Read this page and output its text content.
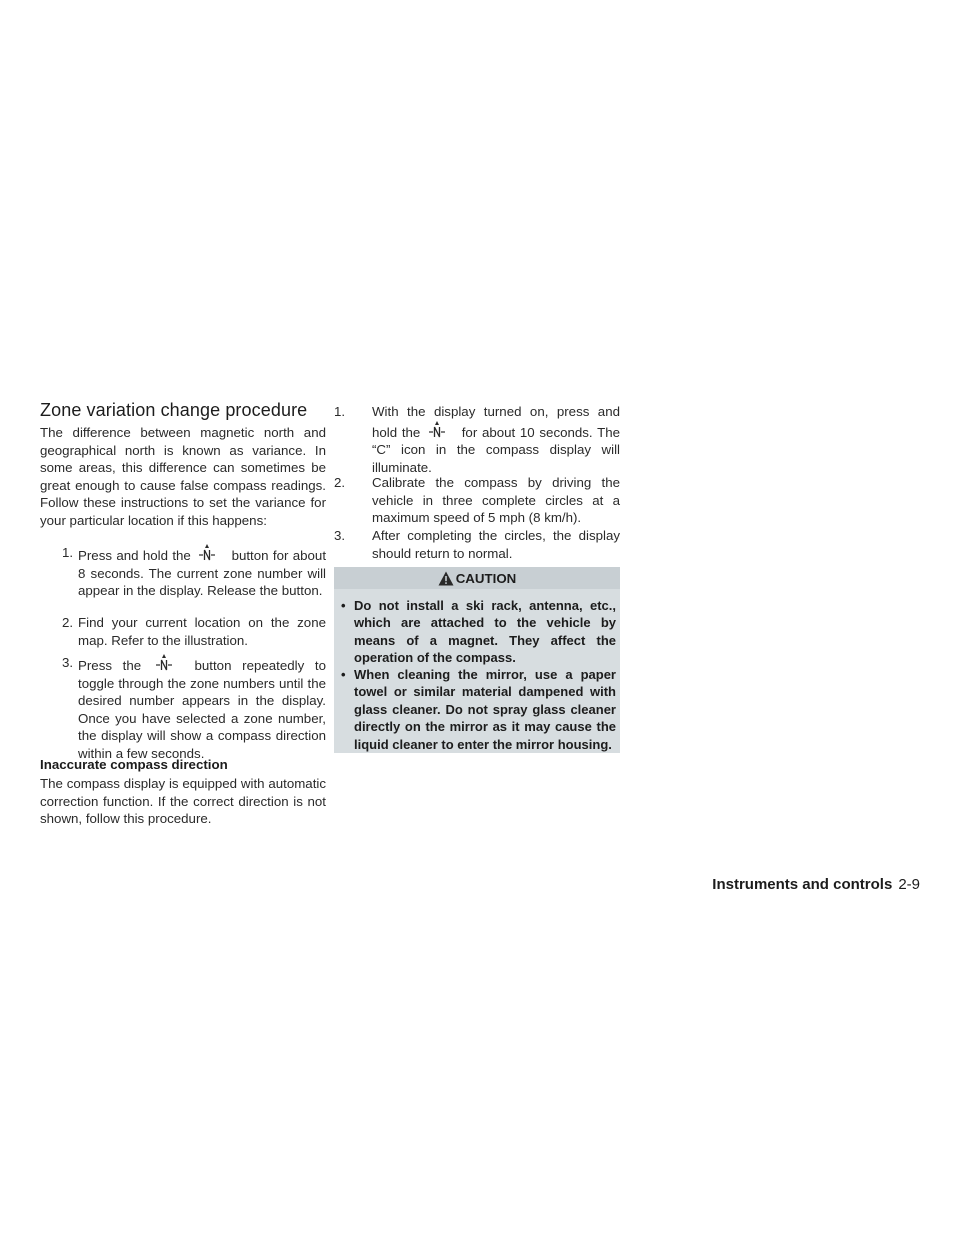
Zone variation change procedure

The difference between magnetic north and geographical north is known as variance. In some areas, this difference can sometimes be great enough to cause false compass readings. Follow these instructions to set the variance for your particular location if this happens:

1. Press and hold the	button for about 8 seconds. The current zone number will appear in the display. Release the button.
2. Find your current location on the zone map. Refer to the illustration.
3. Press the	button repeatedly to toggle through the zone numbers until the desired number appears in the display. Once you have selected a zone number, the display will show a compass direction within a few seconds.
Inaccurate compass direction

The compass display is equipped with automatic correction function. If the correct direction is not shown, follow this procedure.

1. With the display turned on, press and hold the	for about 10 seconds. The “C” icon in the compass display will illuminate.
2. Calibrate the compass by driving the vehicle in three complete circles at a maximum speed of 5 mph (8 km/h).
3. After completing the circles, the display should return to normal.
CAUTION
• Do not install a ski rack, antenna, etc., which are attached to the vehicle by means of a magnet. They affect the operation of the compass.
• When cleaning the mirror, use a paper towel or similar material dampened with glass cleaner. Do not spray glass cleaner directly on the mirror as it may cause the liquid cleaner to enter the mirror housing.
Instruments and controls 2-9
